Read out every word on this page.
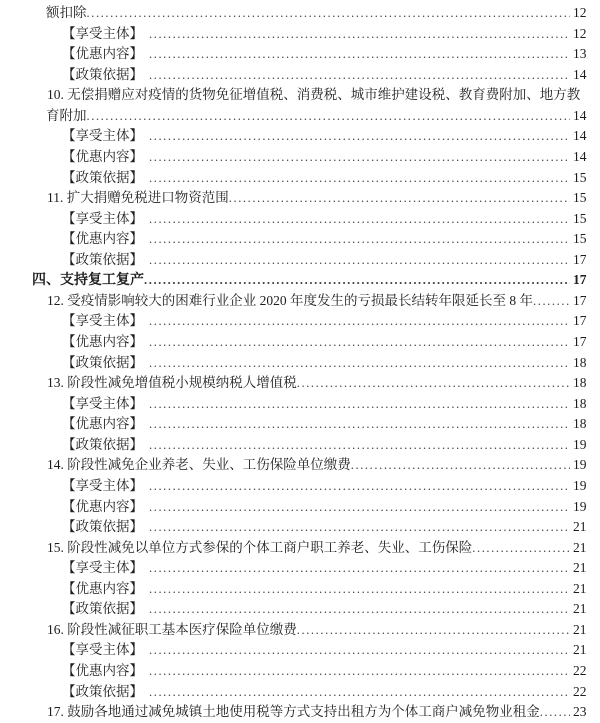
额扣除 .....	12
【享受主体】 .....	12
【优惠内容】 .....	13
【政策依据】 .....	14
10. 无偿捐赠应对疫情的货物免征增值税、消费税、城市维护建设税、教育费附加、地方教
育附加 .....	14
【享受主体】 .....	14
【优惠内容】 .....	14
【政策依据】 .....	15
11. 扩大捐赠免税进口物资范围 .....	15
【享受主体】 .....	15
【优惠内容】 .....	15
【政策依据】 .....	17
四、支持复工复产 .....	17
12. 受疫情影响较大的困难行业企业 2020 年度发生的亏损最长结转年限延长至 8 年 .....	17
【享受主体】 .....	17
【优惠内容】 .....	17
【政策依据】 .....	18
13. 阶段性减免增值税小规模纳税人增值税 .....	18
【享受主体】 .....	18
【优惠内容】 .....	18
【政策依据】 .....	19
14. 阶段性减免企业养老、失业、工伤保险单位缴费 .....	19
【享受主体】 .....	19
【优惠内容】 .....	19
【政策依据】 .....	21
15. 阶段性减免以单位方式参保的个体工商户职工养老、失业、工伤保险 .....	21
【享受主体】 .....	21
【优惠内容】 .....	21
【政策依据】 .....	21
16. 阶段性减征职工基本医疗保险单位缴费 .....	21
【享受主体】 .....	21
【优惠内容】 .....	22
【政策依据】 .....	22
17. 鼓励各地通过减免城镇土地使用税等方式支持出租方为个体工商户减免物业租金 ..... 23
